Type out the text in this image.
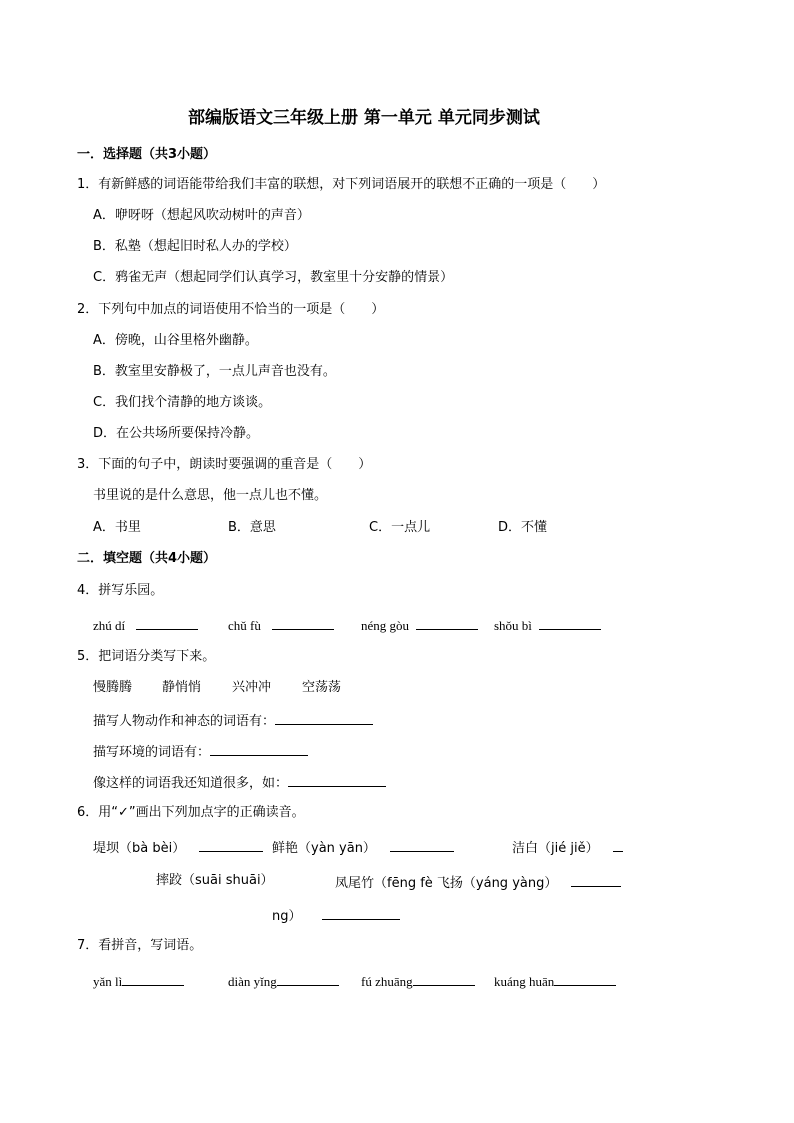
部编版语文三年级上册 第一单元 单元同步测试
一．选择题（共3小题）
1．有新鲜感的词语能带给我们丰富的联想，对下列词语展开的联想不正确的一项是（　　）
A．咿呀呀（想起风吹动树叶的声音）
B．私塾（想起旧时私人办的学校）
C．鸦雀无声（想起同学们认真学习，教室里十分安静的情景）
2．下列句中加点的词语使用不恰当的一项是（　　）
A．傍晚，山谷里格外幽静。
B．教室里安静极了，一点儿声音也没有。
C．我们找个清静的地方谈谈。
D．在公共场所要保持冷静。
3．下面的句子中，朗读时要强调的重音是（　　）
书里说的是什么意思，他一点儿也不懂。
A．书里	B．意思	C．一点儿	D．不懂
二．填空题（共4小题）
4．拼写乐园。
zhú dí	chǔ fù	néng gòu	shǒu bì
5．把词语分类写下来。
慢腾腾 静悄悄 兴冲冲 空荡荡
描写人物动作和神态的词语有：
描写环境的词语有：
像这样的词语我还知道很多，如：
6．用“✓”画出下列加点字的正确读音。
堤坝（bà bèi）	鲜艳（yàn yān）	洁白（jié jiě）
摔跤（suāi shuāi）	凤尾竹（fēng fè 飞扬（yáng yàng）
ng）
7．看拼音，写词语。
yǎn lì	diàn yǐng	fú zhuāng	kuáng huān
